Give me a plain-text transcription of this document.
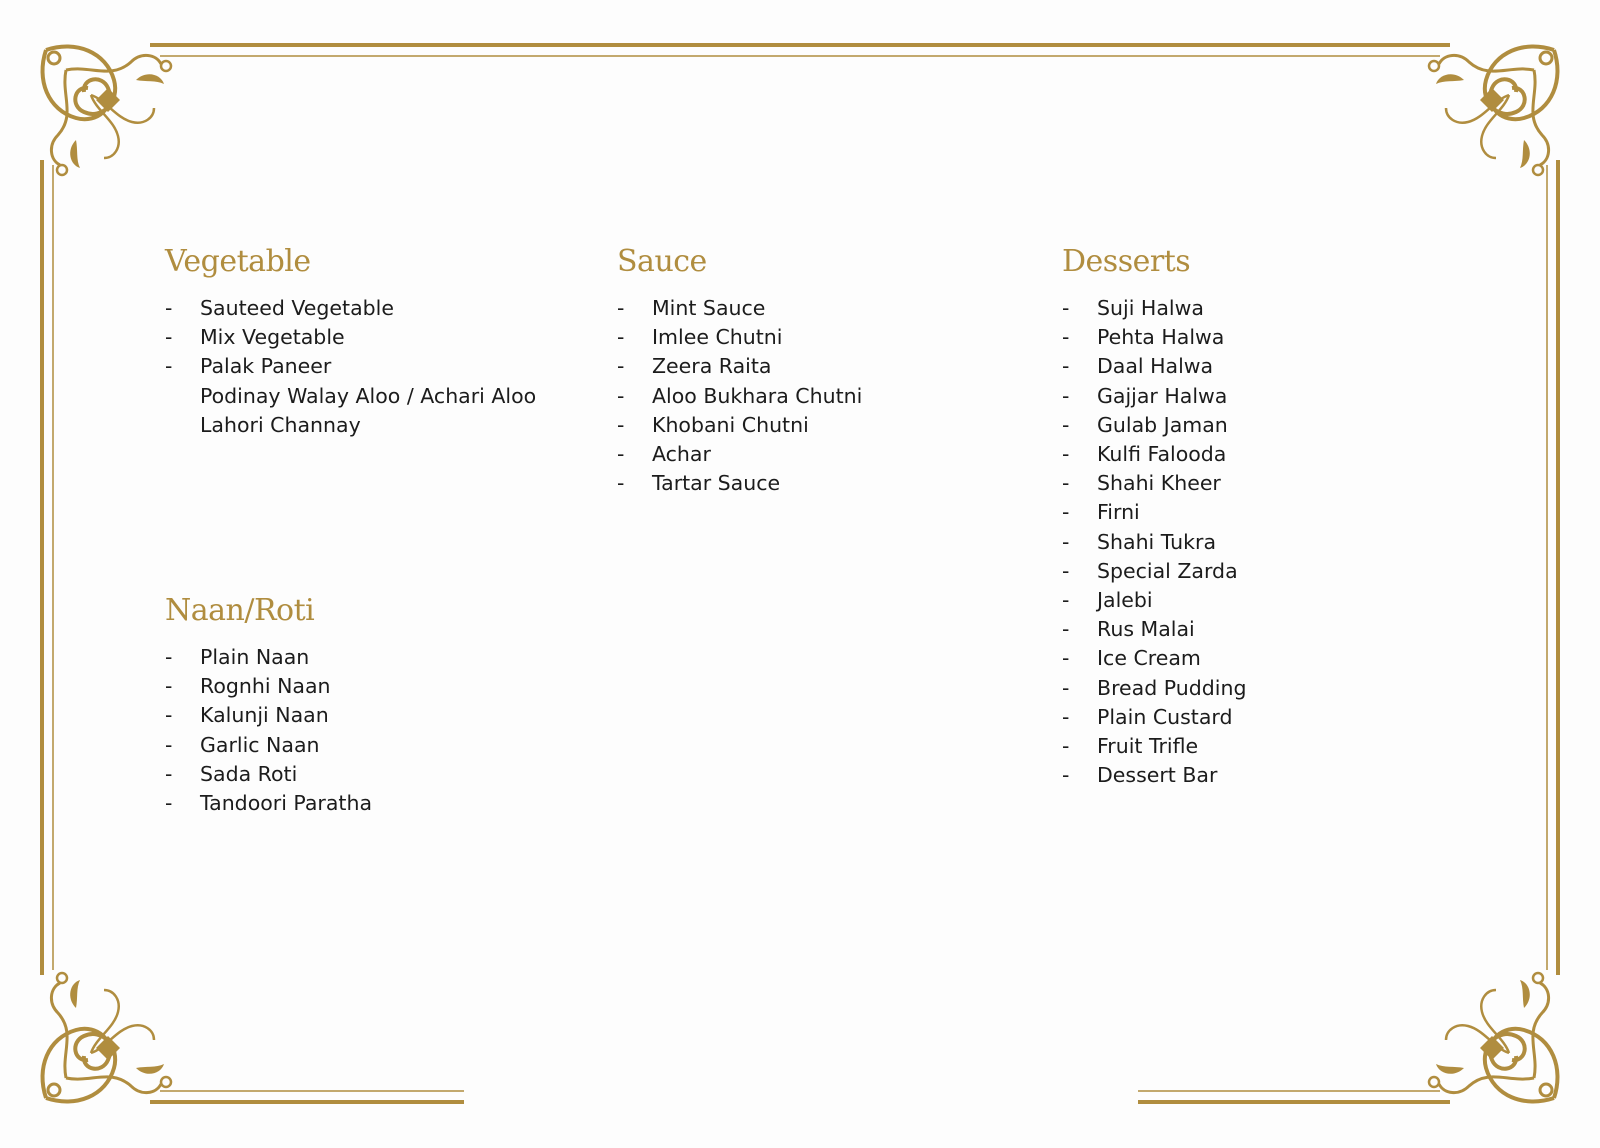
Vegetable
-	Sauteed Vegetable
-	Mix Vegetable
-	Palak Paneer
Podinay Walay Aloo / Achari Aloo
Lahori Channay
Naan/Roti
-	Plain Naan
-	Rognhi Naan
-	Kalunji Naan
-	Garlic Naan
-	Sada Roti
-	Tandoori Paratha
Sauce
-	Mint Sauce
-	Imlee Chutni
-	Zeera Raita
-	Aloo Bukhara Chutni
-	Khobani Chutni
-	Achar
-	Tartar Sauce
Desserts
-	Suji Halwa
-	Pehta Halwa
-	Daal Halwa
-	Gajjar Halwa
-	Gulab Jaman
-	Kulfi Falooda
-	Shahi Kheer
-	Firni
-	Shahi Tukra
-	Special Zarda
-	Jalebi
-	Rus Malai
-	Ice Cream
-	Bread Pudding
-	Plain Custard
-	Fruit Trifle
-	Dessert Bar
